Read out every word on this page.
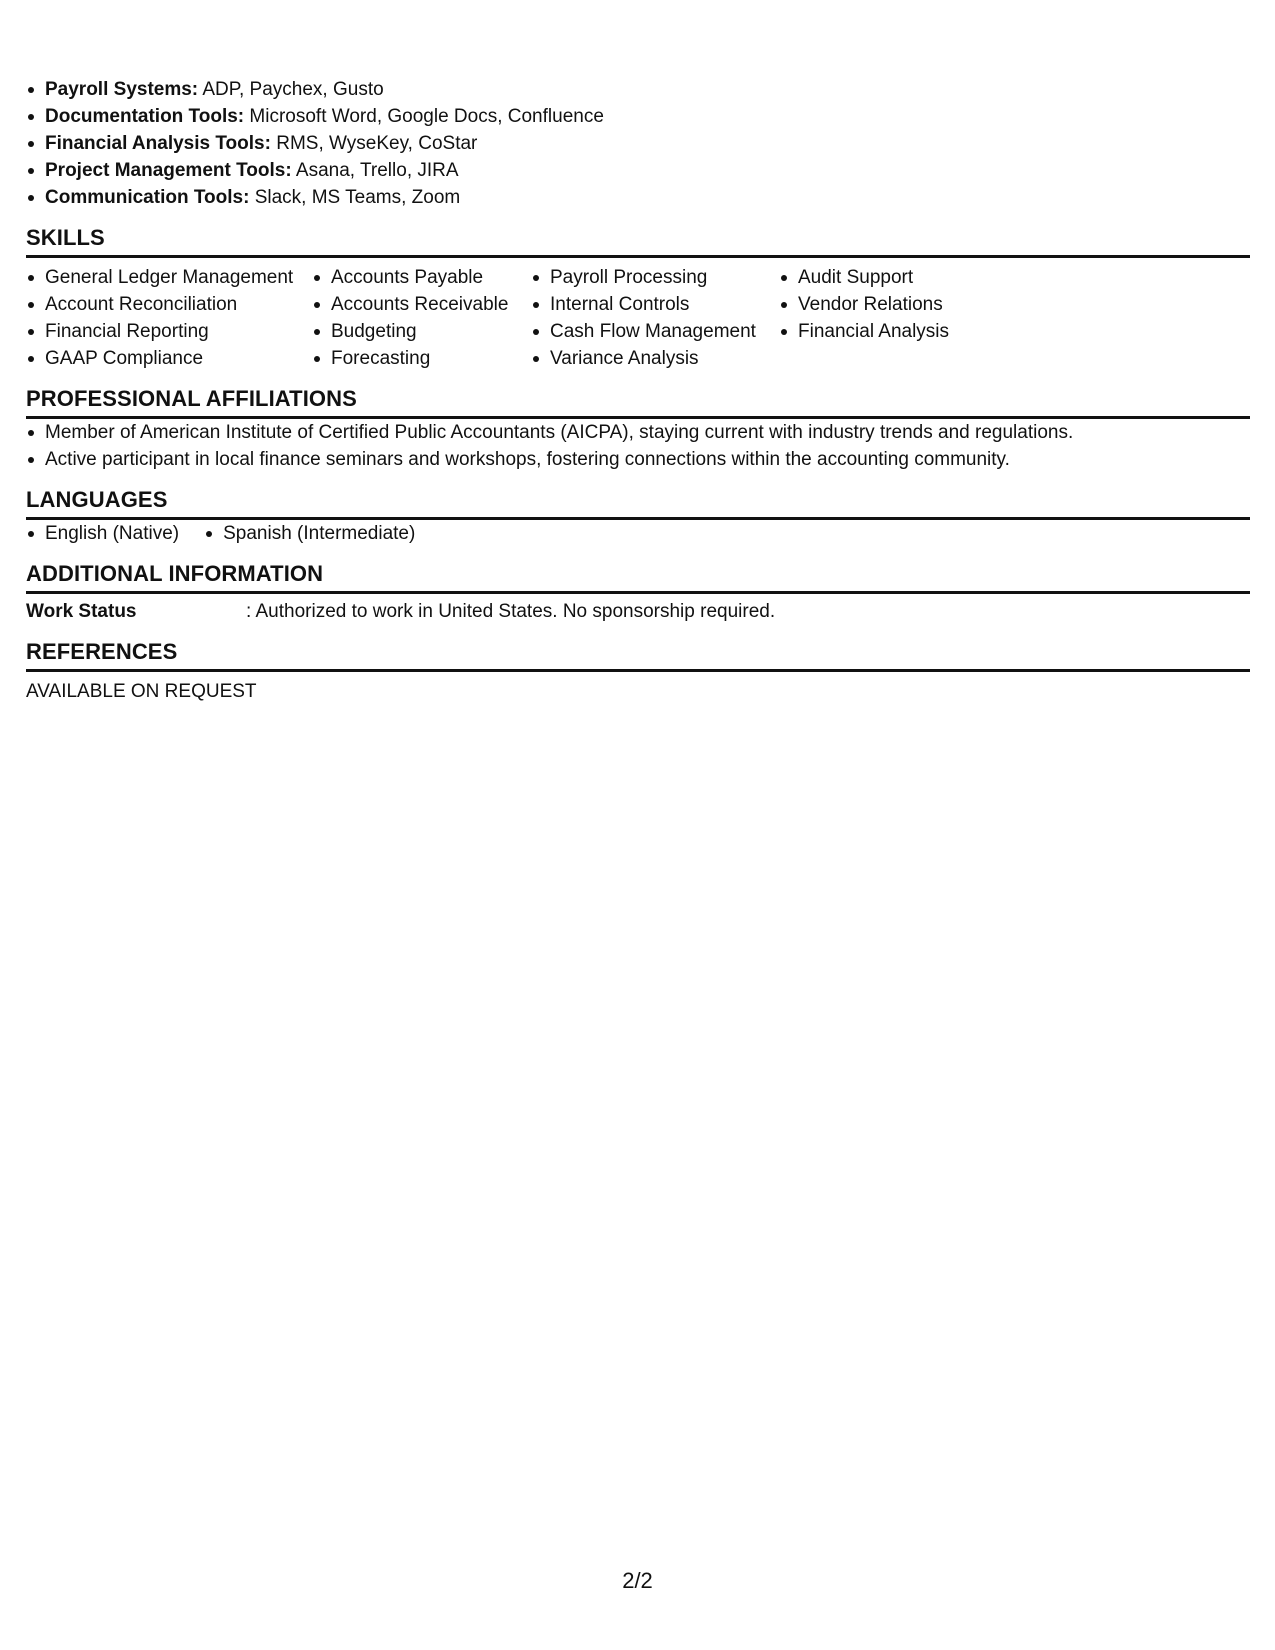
Payroll Systems: ADP, Paychex, Gusto
Documentation Tools: Microsoft Word, Google Docs, Confluence
Financial Analysis Tools: RMS, WyseKey, CoStar
Project Management Tools: Asana, Trello, JIRA
Communication Tools: Slack, MS Teams, Zoom
SKILLS
General Ledger Management
Account Reconciliation
Financial Reporting
GAAP Compliance
Accounts Payable
Accounts Receivable
Budgeting
Forecasting
Payroll Processing
Internal Controls
Cash Flow Management
Variance Analysis
Audit Support
Vendor Relations
Financial Analysis
PROFESSIONAL AFFILIATIONS
Member of American Institute of Certified Public Accountants (AICPA), staying current with industry trends and regulations.
Active participant in local finance seminars and workshops, fostering connections within the accounting community.
LANGUAGES
English (Native)	Spanish (Intermediate)
ADDITIONAL INFORMATION
Work Status	: Authorized to work in United States. No sponsorship required.
REFERENCES
AVAILABLE ON REQUEST
2/2
